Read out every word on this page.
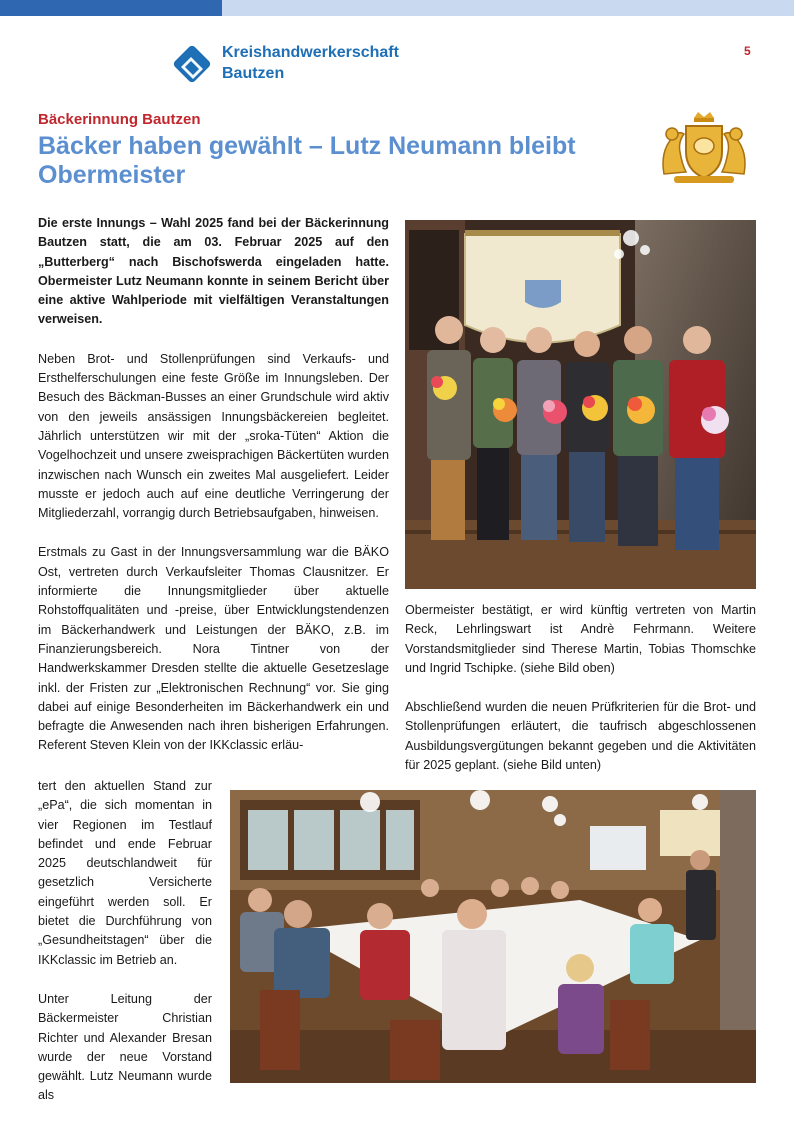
Kreishandwerkerschaft
Bautzen
5
Bäckerinnung Bautzen
Bäcker haben gewählt – Lutz Neumann bleibt Obermeister

Die erste Innungs – Wahl 2025 fand bei der Bäckerinnung Bautzen statt, die am 03. Februar 2025 auf den „Butterberg“ nach Bischofswerda eingeladen hatte. Obermeister Lutz Neumann konnte in seinem Bericht über eine aktive Wahlperiode mit vielfältigen Veranstaltungen verweisen.

Neben Brot- und Stollenprüfungen sind Verkaufs- und Ersthelferschulungen eine feste Größe im Innungsleben. Der Besuch des Bäckman-Busses an einer Grundschule wird aktiv von den jeweils ansässigen Innungsbäckereien begleitet. Jährlich unterstützen wir mit der „sroka-Tüten“ Aktion die Vogelhochzeit und unsere zweisprachigen Bäckertüten wurden inzwischen nach Wunsch ein zweites Mal ausgeliefert. Leider musste er jedoch auch auf eine deutliche Verringerung der Mitgliederzahl, vorrangig durch Betriebsaufgaben, hinweisen.

Erstmals zu Gast in der Innungsversammlung war die BÄKO Ost, vertreten durch Verkaufsleiter Thomas Clausnitzer. Er informierte die Innungsmitglieder über aktuelle Rohstoffqualitäten und -preise, über Entwicklungstendenzen im Bäckerhandwerk und Leistungen der BÄKO, z.B. im Finanzierungsbereich. Nora Tintner von der Handwerkskammer Dresden stellte die aktuelle Gesetzeslage inkl. der Fristen zur „Elektronischen Rechnung“ vor. Sie ging dabei auf einige Besonderheiten im Bäckerhandwerk ein und befragte die Anwesenden nach ihren bisherigen Erfahrungen. Referent Steven Klein von der IKKclassic erläu-

tert den aktuellen Stand zur „ePa“, die sich momentan in vier Regionen im Testlauf befindet und ende Februar 2025 deutschlandweit für gesetzlich Versicherte eingeführt werden soll. Er bietet die Durchführung von „Gesundheitstagen“ über die IKKclassic im Betrieb an.

Unter Leitung der Bäckermeister Christian Richter und Alexander Bresan wurde der neue Vorstand gewählt. Lutz Neumann wurde als

Obermeister bestätigt, er wird künftig vertreten von Martin Reck, Lehrlingswart ist Andrè Fehrmann. Weitere Vorstandsmitglieder sind Therese Martin, Tobias Thomschke und Ingrid Tschipke. (siehe Bild oben)

Abschließend wurden die neuen Prüfkriterien für die Brot- und Stollenprüfungen erläutert, die taufrisch abgeschlossenen Ausbildungsvergütungen bekannt gegeben und die Aktivitäten für 2025 geplant. (siehe Bild unten)
